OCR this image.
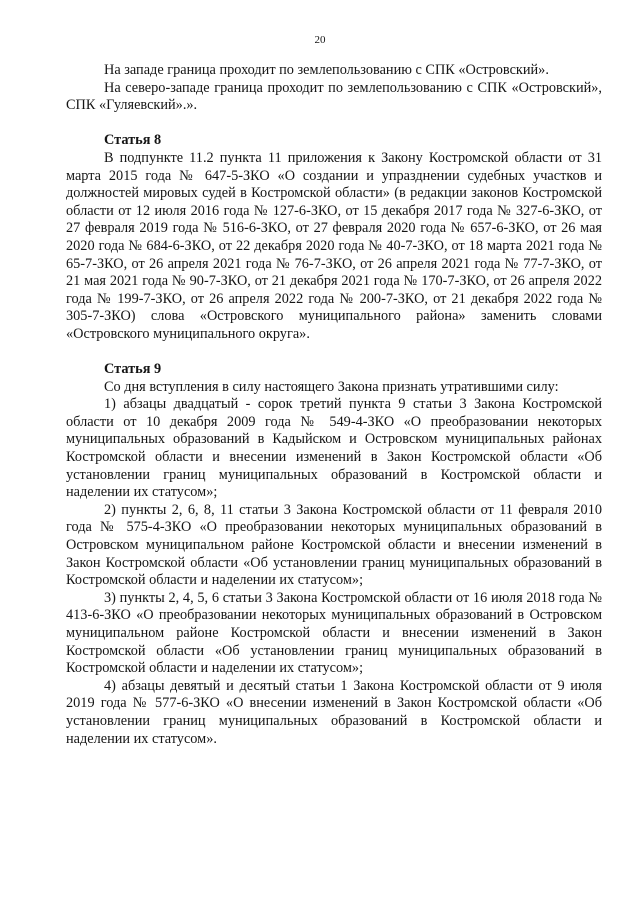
20

На западе граница проходит по землепользованию с СПК «Островский».

На северо-западе граница проходит по землепользованию с СПК «Островский», СПК «Гуляевский».».

Статья 8

В подпункте 11.2 пункта 11 приложения к Закону Костромской области от 31 марта 2015 года № 647-5-ЗКО «О создании и упразднении судебных участков и должностей мировых судей в Костромской области» (в редакции законов Костромской области от 12 июля 2016 года № 127-6-ЗКО, от 15 декабря 2017 года № 327-6-ЗКО, от 27 февраля 2019 года № 516-6-ЗКО, от 27 февраля 2020 года № 657-6-ЗКО, от 26 мая 2020 года № 684-6-ЗКО, от 22 декабря 2020 года № 40-7-ЗКО, от 18 марта 2021 года № 65-7-ЗКО, от 26 апреля 2021 года № 76-7-ЗКО, от 26 апреля 2021 года № 77-7-ЗКО, от 21 мая 2021 года № 90-7-ЗКО, от 21 декабря 2021 года № 170-7-ЗКО, от 26 апреля 2022 года № 199-7-ЗКО, от 26 апреля 2022 года № 200-7-ЗКО, от 21 декабря 2022 года № 305-7-ЗКО) слова «Островского муниципального района» заменить словами «Островского муниципального округа».

Статья 9

Со дня вступления в силу настоящего Закона признать утратившими силу:

1) абзацы двадцатый - сорок третий пункта 9 статьи 3 Закона Костромской области от 10 декабря 2009 года № 549-4-ЗКО «О преобразовании некоторых муниципальных образований в Кадыйском и Островском муниципальных районах Костромской области и внесении изменений в Закон Костромской области «Об установлении границ муниципальных образований в Костромской области и наделении их статусом»;

2) пункты 2, 6, 8, 11 статьи 3 Закона Костромской области от 11 февраля 2010 года № 575-4-ЗКО «О преобразовании некоторых муниципальных образований в Островском муниципальном районе Костромской области и внесении изменений в Закон Костромской области «Об установлении границ муниципальных образований в Костромской области и наделении их статусом»;

3) пункты 2, 4, 5, 6 статьи 3 Закона Костромской области от 16 июля 2018 года № 413-6-ЗКО «О преобразовании некоторых муниципальных образований в Островском муниципальном районе Костромской области и внесении изменений в Закон Костромской области «Об установлении границ муниципальных образований в Костромской области и наделении их статусом»;

4) абзацы девятый и десятый статьи 1 Закона Костромской области от 9 июля 2019 года № 577-6-ЗКО «О внесении изменений в Закон Костромской области «Об установлении границ муниципальных образований в Костромской области и наделении их статусом».
